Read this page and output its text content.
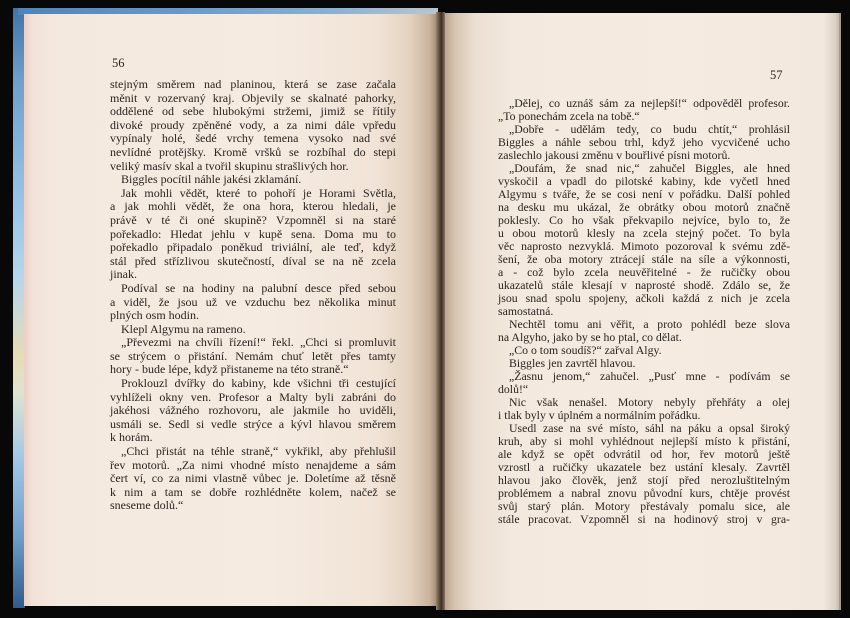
56
57
stejným směrem nad planinou, která se zase začala
měnit v rozervaný kraj. Objevily se skalnaté pahorky,
oddělené od sebe hlubokými stržemi, jimiž se řítily
divoké proudy zpěněné vody, a za nimi dále vpředu
vypínaly holé, šedé vrchy temena vysoko nad své
nevlídné protějšky. Kromě vršků se rozbíhal do stepi
veliký masív skal a tvořil skupinu strašlivých hor.
Biggles pocítil náhle jakési zklamání.
Jak mohli vědět, které to pohoří je Horami Světla,
a jak mohli vědět, že ona hora, kterou hledali, je
právě v té či oné skupině? Vzpomněl si na staré
pořekadlo: Hledat jehlu v kupě sena. Doma mu to
pořekadlo připadalo poněkud triviální, ale teď, když
stál před střízlivou skutečností, díval se na ně zcela
jinak.
Podíval se na hodiny na palubní desce před sebou
a viděl, že jsou už ve vzduchu bez několika minut
plných osm hodin.
Klepl Algymu na rameno.
„Převezmi na chvíli řízení!“ řekl. „Chci si promluvit
se strýcem o přistání. Nemám chuť letět přes tamty
hory - bude lépe, když přistaneme na této straně.“
Proklouzl dvířky do kabiny, kde všichni tři cestující
vyhlíželi okny ven. Profesor a Malty byli zabráni do
jakéhosi vážného rozhovoru, ale jakmile ho uviděli,
usmáli se. Sedl si vedle strýce a kývl hlavou směrem
k horám.
„Chci přistát na téhle straně,“ vykřikl, aby přehlušil
řev motorů. „Za nimi vhodné místo nenajdeme a sám
čert ví, co za nimi vlastně vůbec je. Doletíme až těsně
k nim a tam se dobře rozhlédněte kolem, načež se
sneseme dolů.“
„Dělej, co uznáš sám za nejlepší!“ odpověděl profesor.
„To ponechám zcela na tobě.“
„Dobře - udělám tedy, co budu chtít,“ prohlásil
Biggles a náhle sebou trhl, když jeho vycvičené ucho
zaslechlo jakousi změnu v bouřlivé písni motorů.
„Doufám, že snad nic,“ zahučel Biggles, ale hned
vyskočil a vpadl do pilotské kabiny, kde vyčetl hned
Algymu s tváře, že se cosi není v pořádku. Další pohled
na desku mu ukázal, že obrátky obou motorů značně
poklesly. Co ho však překvapilo nejvíce, bylo to, že
u obou motorů klesly na zcela stejný počet. To byla
věc naprosto nezvyklá. Mimoto pozoroval k svému zdě-
šení, že oba motory ztrácejí stále na síle a výkonnosti,
a - což bylo zcela neuvěřitelné - že ručičky obou
ukazatelů stále klesají v naprosté shodě. Zdálo se, že
jsou snad spolu spojeny, ačkoli každá z nich je zcela
samostatná.
Nechtěl tomu ani věřit, a proto pohlédl beze slova
na Algyho, jako by se ho ptal, co dělat.
„Co o tom soudíš?“ zařval Algy.
Biggles jen zavrtěl hlavou.
„Žasnu jenom,“ zahučel. „Pusť mne - podívám se
dolů!“
Nic však nenašel. Motory nebyly přehřáty a olej
i tlak byly v úplném a normálním pořádku.
Usedl zase na své místo, sáhl na páku a opsal široký
kruh, aby si mohl vyhlédnout nejlepší místo k přistání,
ale když se opět odvrátil od hor, řev motorů ještě
vzrostl a ručičky ukazatele bez ustání klesaly. Zavrtěl
hlavou jako člověk, jenž stojí před nerozluštitelným
problémem a nabral znovu původní kurs, chtěje provést
svůj starý plán. Motory přestávaly pomalu sice, ale
stále pracovat. Vzpomněl si na hodinový stroj v gra-
